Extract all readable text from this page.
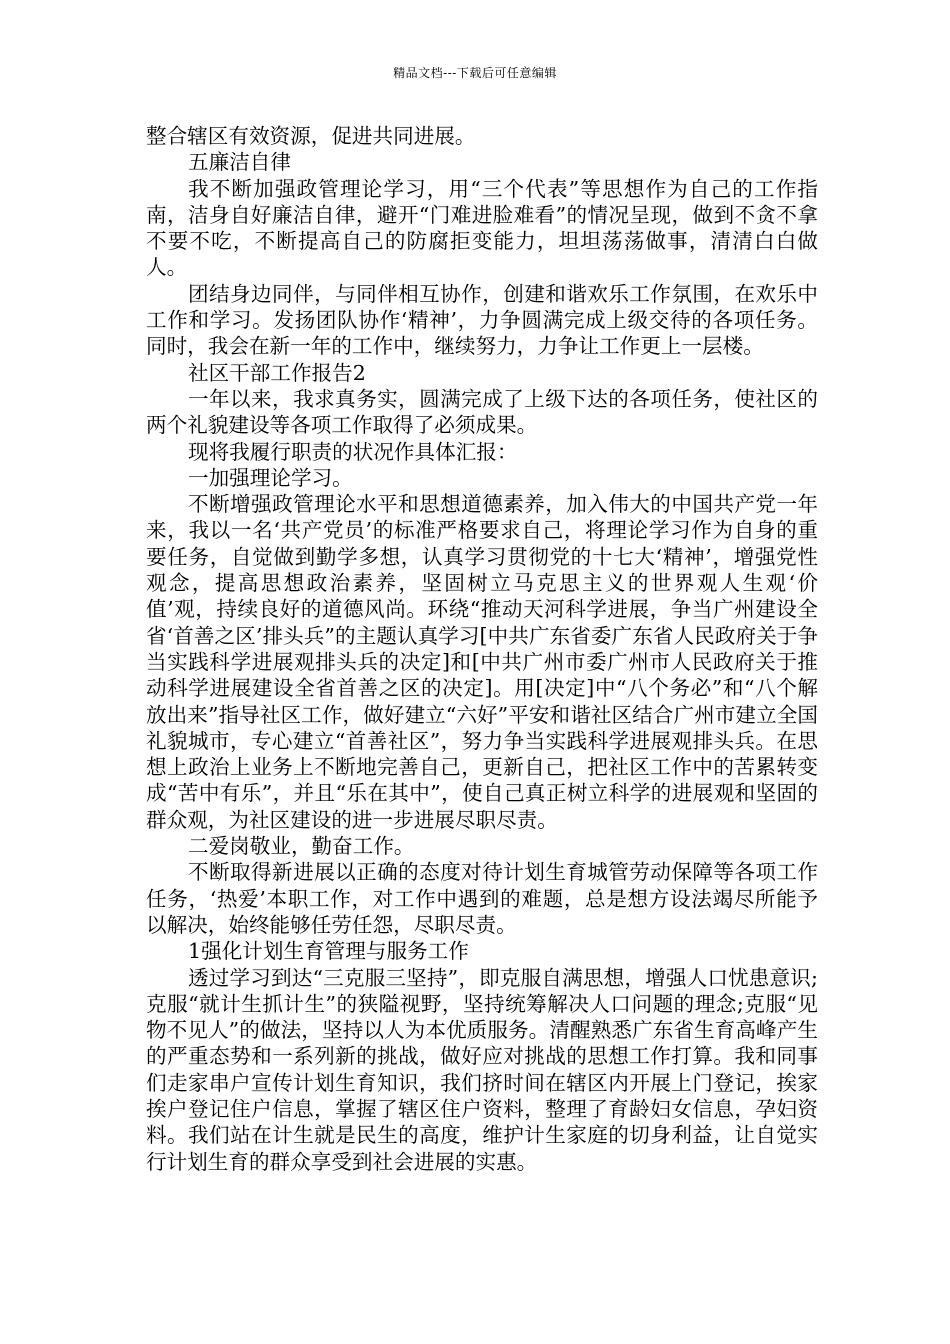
精品文档---下载后可任意编辑

整合辖区有效资源，促进共同进展。

五廉洁自律

我不断加强政管理论学习，用“三个代表”等思想作为自己的工作指南，洁身自好廉洁自律，避开“门难进脸难看”的情况呈现，做到不贪不拿不要不吃，不断提高自己的防腐拒变能力，坦坦荡荡做事，清清白白做人。

团结身边同伴，与同伴相互协作，创建和谐欢乐工作氛围，在欢乐中工作和学习。发扬团队协作‘精神’，力争圆满完成上级交待的各项任务。同时，我会在新一年的工作中，继续努力，力争让工作更上一层楼。

社区干部工作报告2

一年以来，我求真务实，圆满完成了上级下达的各项任务，使社区的两个礼貌建设等各项工作取得了必须成果。

现将我履行职责的状况作具体汇报：

一加强理论学习。

不断增强政管理论水平和思想道德素养，加入伟大的中国共产党一年来，我以一名‘共产党员’的标准严格要求自己，将理论学习作为自身的重要任务，自觉做到勤学多想，认真学习贯彻党的十七大‘精神’，增强党性观念，提高思想政治素养，坚固树立马克思主义的世界观人生观‘价值’观，持续良好的道德风尚。环绕“推动天河科学进展，争当广州建设全省‘首善之区’排头兵”的主题认真学习[中共广东省委广东省人民政府关于争当实践科学进展观排头兵的决定]和[中共广州市委广州市人民政府关于推动科学进展建设全省首善之区的决定]。用[决定]中“八个务必”和“八个解放出来”指导社区工作，做好建立“六好”平安和谐社区结合广州市建立全国礼貌城市，专心建立“首善社区”，努力争当实践科学进展观排头兵。在思想上政治上业务上不断地完善自己，更新自己，把社区工作中的苦累转变成“苦中有乐”，并且“乐在其中”，使自己真正树立科学的进展观和坚固的群众观，为社区建设的进一步进展尽职尽责。

二爱岗敬业，勤奋工作。

不断取得新进展以正确的态度对待计划生育城管劳动保障等各项工作任务，‘热爱’本职工作，对工作中遇到的难题，总是想方设法竭尽所能予以解决，始终能够任劳任怨，尽职尽责。

1强化计划生育管理与服务工作

透过学习到达“三克服三坚持”，即克服自满思想，增强人口忧患意识;克服“就计生抓计生”的狭隘视野，坚持统筹解决人口问题的理念;克服“见物不见人”的做法，坚持以人为本优质服务。清醒熟悉广东省生育高峰产生的严重态势和一系列新的挑战，做好应对挑战的思想工作打算。我和同事们走家串户宣传计划生育知识，我们挤时间在辖区内开展上门登记，挨家挨户登记住户信息，掌握了辖区住户资料，整理了育龄妇女信息，孕妇资料。我们站在计生就是民生的高度，维护计生家庭的切身利益，让自觉实行计划生育的群众享受到社会进展的实惠。
